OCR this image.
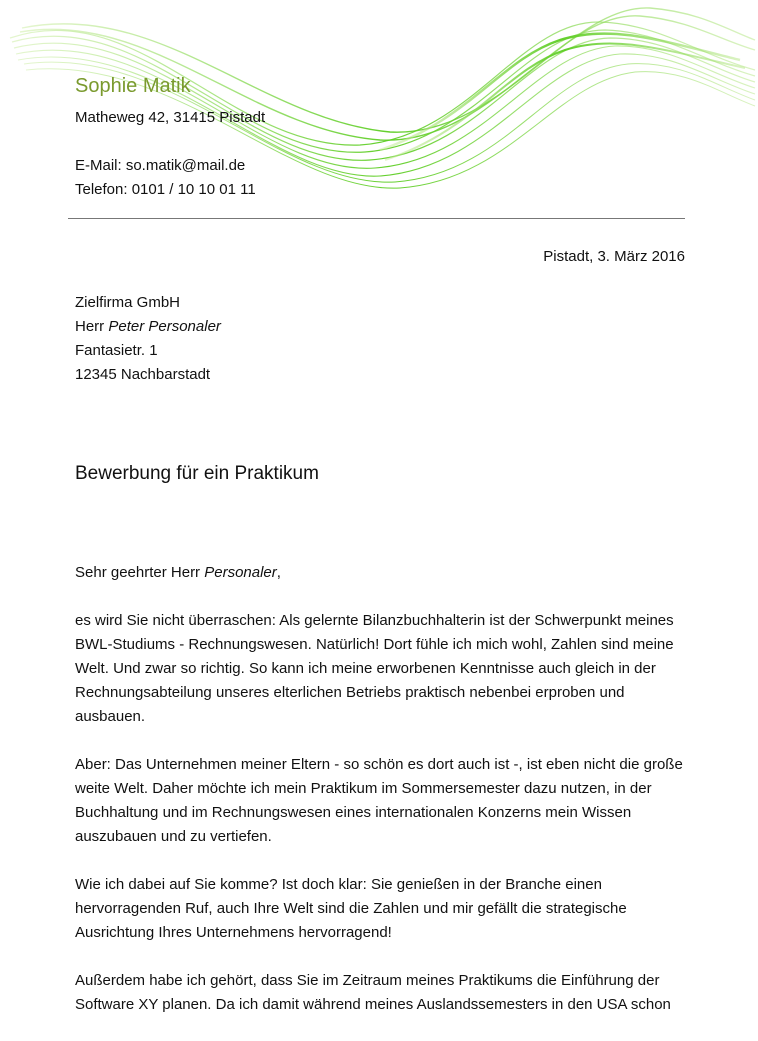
Sophie Matik

Matheweg 42, 31415 Pistadt

E-Mail: so.matik@mail.de

Telefon: 0101 / 10 10 01 11

Pistadt, 3. März 2016

Zielfirma GmbH

Herr Peter Personaler

Fantasietr. 1

12345 Nachbarstadt

Bewerbung für ein Praktikum

Sehr geehrter Herr Personaler,

es wird Sie nicht überraschen: Als gelernte Bilanzbuchhalterin ist der Schwerpunkt meines BWL-Studiums - Rechnungswesen. Natürlich! Dort fühle ich mich wohl, Zahlen sind meine Welt. Und zwar so richtig. So kann ich meine erworbenen Kenntnisse auch gleich in der Rechnungsabteilung unseres elterlichen Betriebs praktisch nebenbei erproben und ausbauen.

Aber: Das Unternehmen meiner Eltern - so schön es dort auch ist -, ist eben nicht die große weite Welt. Daher möchte ich mein Praktikum im Sommersemester dazu nutzen, in der Buchhaltung und im Rechnungswesen eines internationalen Konzerns mein Wissen auszubauen und zu vertiefen.

Wie ich dabei auf Sie komme? Ist doch klar: Sie genießen in der Branche einen hervorragenden Ruf, auch Ihre Welt sind die Zahlen und mir gefällt die strategische Ausrichtung Ihres Unternehmens hervorragend!

Außerdem habe ich gehört, dass Sie im Zeitraum meines Praktikums die Einführung der Software XY planen. Da ich damit während meines Auslandssemesters in den USA schon
